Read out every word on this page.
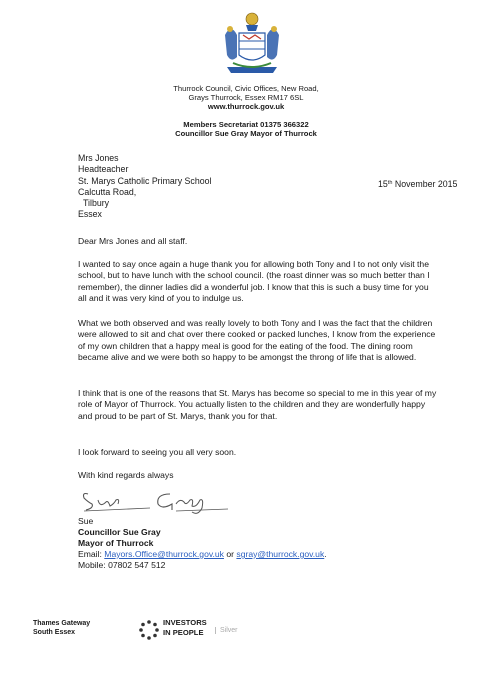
Thurrock Council, Civic Offices, New Road,
Grays Thurrock, Essex RM17 6SL
www.thurrock.gov.uk
Members Secretariat 01375 366322
Councillor Sue Gray Mayor of Thurrock
Mrs Jones
Headteacher
St. Marys Catholic Primary School
Calcutta Road,
Tilbury
Essex
15th November 2015
Dear Mrs Jones and all staff.
I wanted to say once again a huge thank you for allowing both Tony and I to not only visit the school, but to have lunch with the school council. (the roast dinner was so much better than I remember), the dinner ladies did a wonderful job. I know that this is such a busy time for you all and it was very kind of you to indulge us.
What we both observed and was really lovely to both Tony and I was the fact that the children were allowed to sit and chat over there cooked or packed lunches, I know from the experience of my own children that a happy meal is good for the eating of the food. The dining room became alive and we were both so happy to be amongst the throng of life that is allowed.
I think that is one of the reasons that St. Marys has become so special to me in this year of my role of Mayor of Thurrock. You actually listen to the children and they are wonderfully happy and proud to be part of St. Marys, thank you for that.
I look forward to seeing you all very soon.
With kind regards always
Sue
Councillor Sue Gray
Mayor of Thurrock
Email: Mayors.Office@thurrock.gov.uk or sgray@thurrock.gov.uk.
Mobile: 07802 547 512
Thames Gateway
South Essex
INVESTORS
IN PEOPLE	Silver
